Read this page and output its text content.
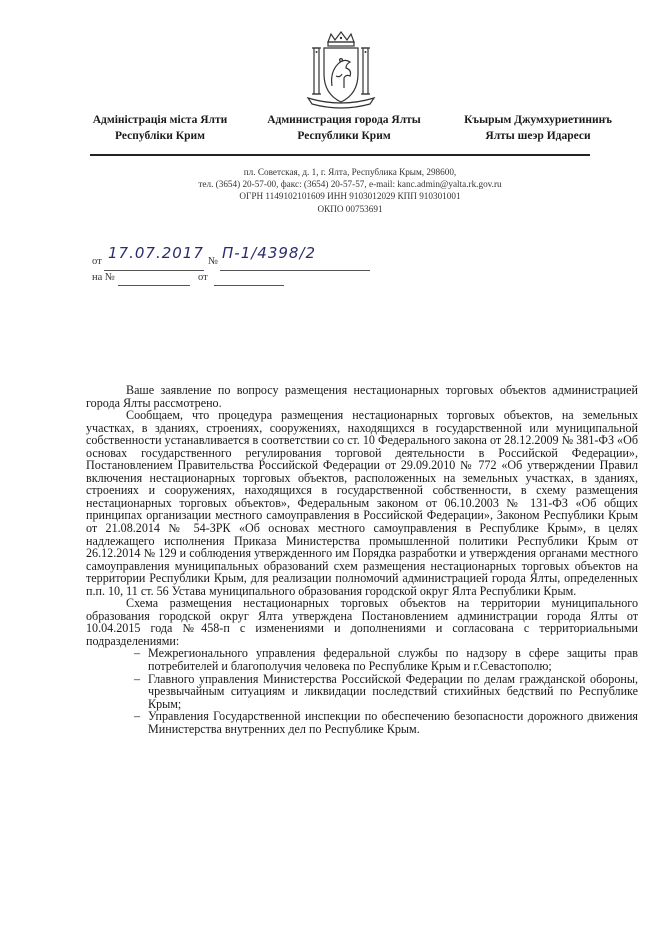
Адміністрація міста Ялти
Республіки Крим
Администрация города Ялты
Республики Крим
Къырым Джумхуриетининъ
Ялты шеэр Идареси
пл. Советская, д. 1, г. Ялта, Республика Крым, 298600,
тел. (3654) 20-57-00, факс: (3654) 20-57-57, e-mail: kanc.admin@yalta.rk.gov.ru
ОГРН 1149102101609 ИНН 9103012029 КПП 910301001
ОКПО 00753691
от 17.07.2017 № П-1/4398/2
на №	от

Ваше заявление по вопросу размещения нестационарных торговых объектов администрацией города Ялты рассмотрено.

Сообщаем, что процедура размещения нестационарных торговых объектов, на земельных участках, в зданиях, строениях, сооружениях, находящихся в государственной или муниципальной собственности устанавливается в соответствии со ст. 10 Федерального закона от 28.12.2009 № 381-ФЗ «Об основах государственного регулирования торговой деятельности в Российской Федерации», Постановлением Правительства Российской Федерации от 29.09.2010 № 772 «Об утверждении Правил включения нестационарных торговых объектов, расположенных на земельных участках, в зданиях, строениях и сооружениях, находящихся в государственной собственности, в схему размещения нестационарных торговых объектов», Федеральным законом от 06.10.2003 № 131-ФЗ «Об общих принципах организации местного самоуправления в Российской Федерации», Законом Республики Крым от 21.08.2014 № 54-ЗРК «Об основах местного самоуправления в Республике Крым», в целях надлежащего исполнения Приказа Министерства промышленной политики Республики Крым от 26.12.2014 № 129 и соблюдения утвержденного им Порядка разработки и утверждения органами местного самоуправления муниципальных образований схем размещения нестационарных торговых объектов на территории Республики Крым, для реализации полномочий администрацией города Ялты, определенных п.п. 10, 11 ст. 56 Устава муниципального образования городской округ Ялта Республики Крым.

Схема размещения нестационарных торговых объектов на территории муниципального образования городской округ Ялта утверждена Постановлением администрации города Ялты от 10.04.2015 года №458-п с изменениями и дополнениями и согласована с территориальными подразделениями:

– Межрегионального управления федеральной службы по надзору в сфере защиты прав потребителей и благополучия человека по Республике Крым и г.Севастополю;
– Главного управления Министерства Российской Федерации по делам гражданской обороны, чрезвычайным ситуациям и ликвидации последствий стихийных бедствий по Республике Крым;
– Управления Государственной инспекции по обеспечению безопасности дорожного движения Министерства внутренних дел по Республике Крым.
